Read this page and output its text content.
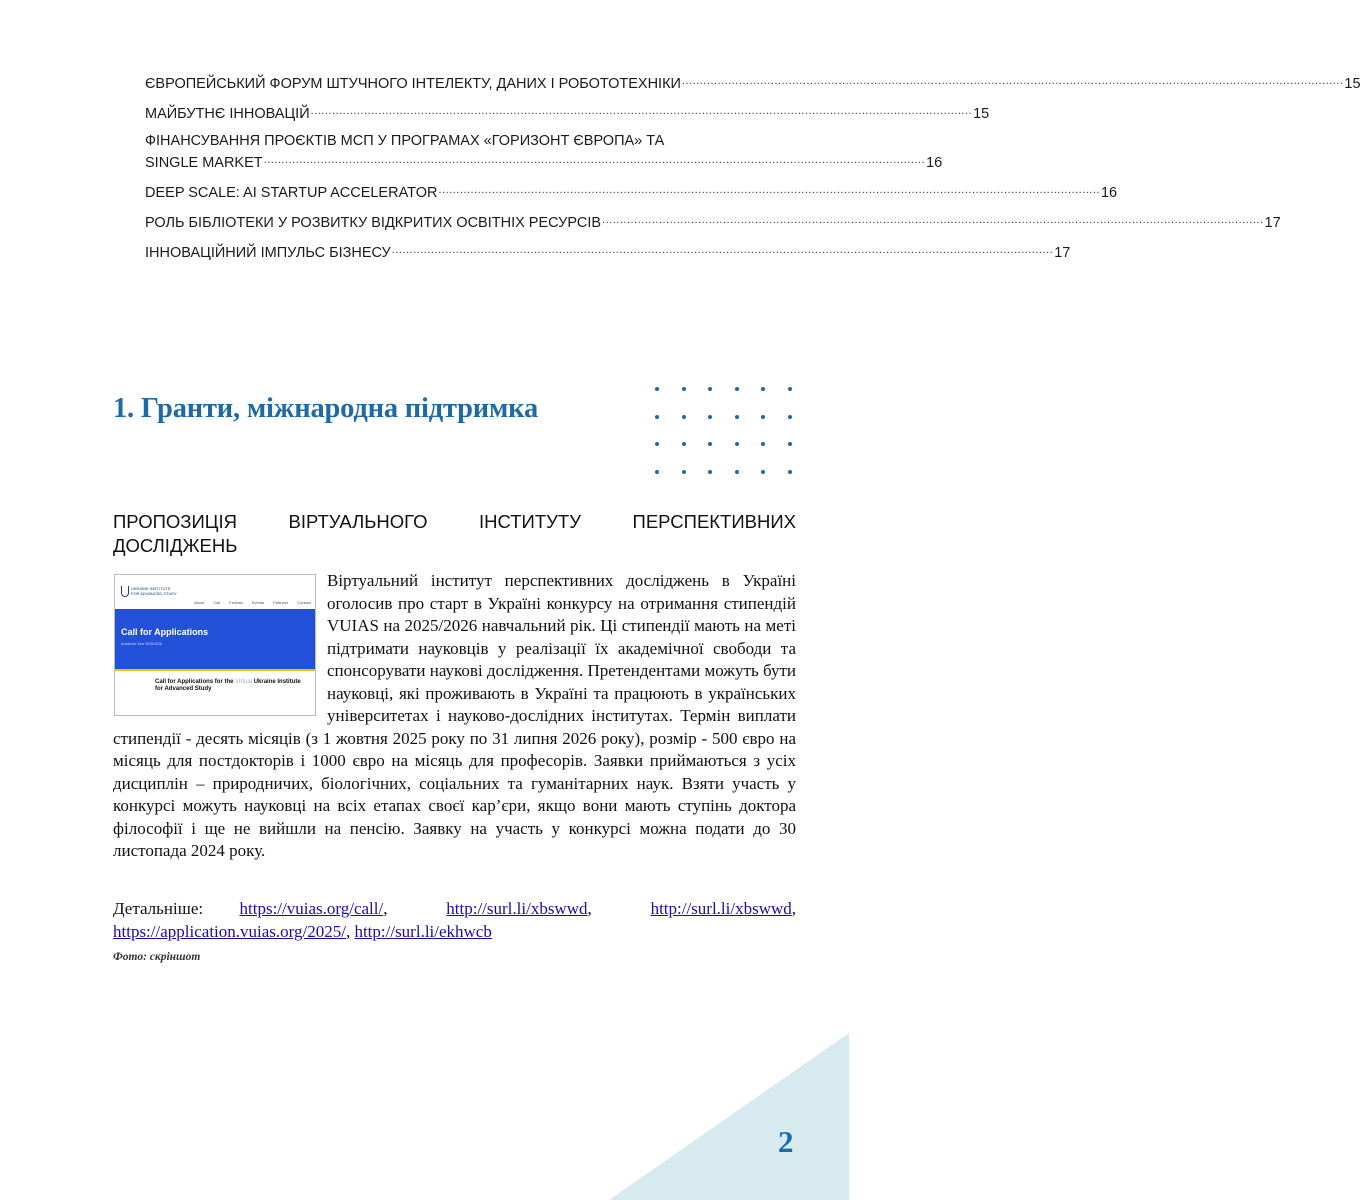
ЄВРОПЕЙСЬКИЙ ФОРУМ ШТУЧНОГО ІНТЕЛЕКТУ, ДАНИХ І РОБОТОТЕХНІКИ .......................................................................................................................................................................................... 15
МАЙБУТНЄ ІННОВАЦІЙ .......................................................................................................................................................................................... 15
ФІНАНСУВАННЯ ПРОЄКТІВ МСП У ПРОГРАМАХ «ГОРИЗОНТ ЄВРОПА» ТА
SINGLE MARKET .......................................................................................................................................................................................... 16
DEEP SCALE: AI STARTUP ACCELERATOR .......................................................................................................................................................................................... 16
РОЛЬ БІБЛІОТЕКИ У РОЗВИТКУ ВІДКРИТИХ ОСВІТНІХ РЕСУРСІВ .......................................................................................................................................................................................... 17
ІННОВАЦІЙНИЙ ІМПУЛЬС БІЗНЕСУ .......................................................................................................................................................................................... 17
1. Гранти, міжнародна підтримка
ПРОПОЗИЦІЯ	ВІРТУАЛЬНОГО	ІНСТИТУТУ	ПЕРСПЕКТИВНИХ
ДОСЛІДЖЕНЬ
UKRAINE INSTITUTE
FOR ADVANCED STUDY
About Call Fellows Events Partners Contact
Call for Applications
Academic Year 2025/2026
Call for Applications for the Virtual Ukraine Institute for Advanced Study

Віртуальний інститут перспективних досліджень в Україні оголосив про старт в Україні конкурсу на отримання стипендій VUIAS на 2025/2026 навчальний рік. Ці стипендії мають на меті підтримати науковців у реалізації їх академічної свободи та спонсорувати наукові дослідження. Претендентами можуть бути науковці, які проживають в Україні та працюють в українських університетах і науково-дослідних інститутах. Термін виплати стипендії - десять місяців (з 1 жовтня 2025 року по 31 липня 2026 року), розмір - 500 євро на місяць для постдокторів і 1000 євро на місяць для професорів. Заявки приймаються з усіх дисциплін – природничих, біологічних, соціальних та гуманітарних наук. Взяти участь у конкурсі можуть науковці на всіх етапах своєї кар’єри, якщо вони мають ступінь доктора філософії і ще не вийшли на пенсію. Заявку на участь у конкурсі можна подати до 30 листопада 2024 року.

Детальніше: https://vuias.org/call/,       http://surl.li/xbswwd,       http://surl.li/xbswwd, https://application.vuias.org/2025/, http://surl.li/ekhwcb

Фото: скріншот
2
